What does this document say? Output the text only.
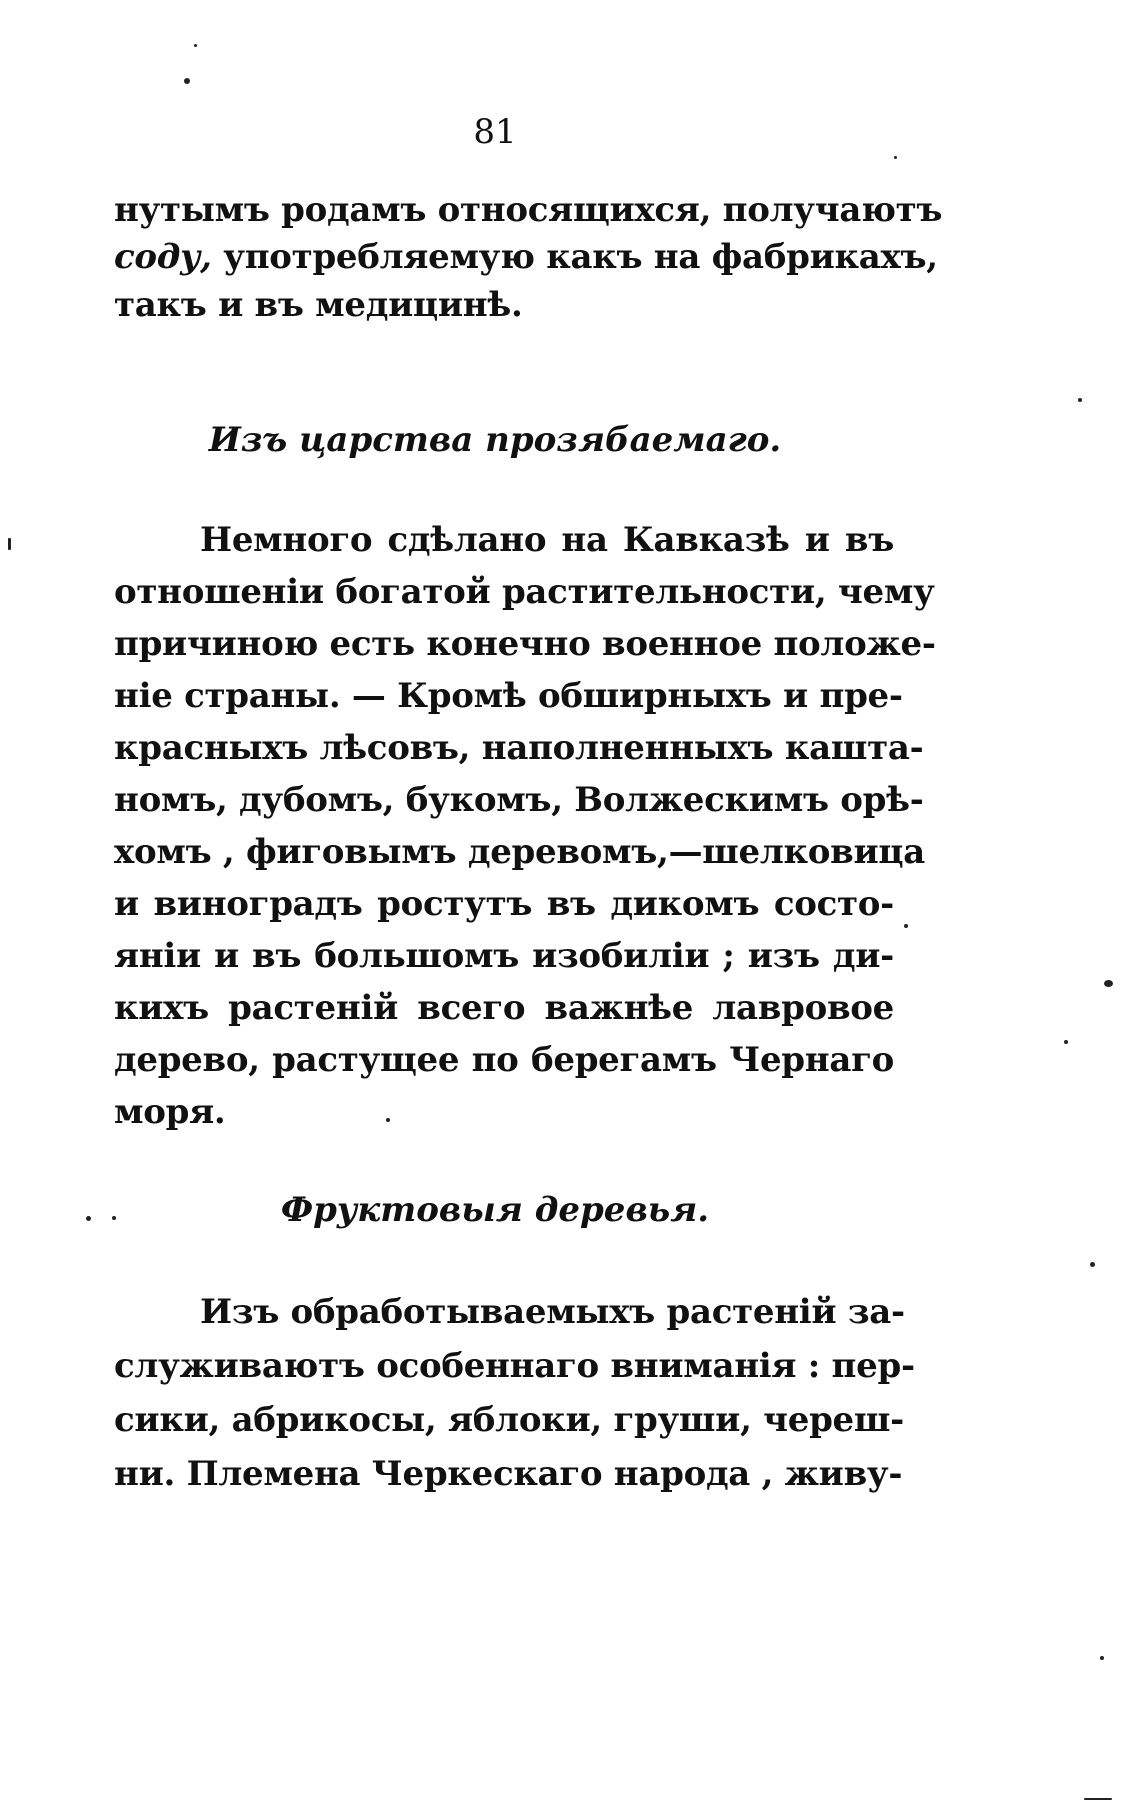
81
нутымъ родамъ относящихся, получаютъ
соду, употребляемую какъ на фабрикахъ,
такъ и въ медицинѣ.
Изъ царства прозябаемаго.
Немного сдѣлано на Кавказѣ и въ
отношенiи богатой растительности, чему
причиною есть конечно военное положе-
нiе страны. — Кромѣ обширныхъ и пре-
красныхъ лѣсовъ, наполненныхъ кашта-
номъ, дубомъ, букомъ, Волжескимъ орѣ-
хомъ , фиговымъ деревомъ,—шелковица
и виноградъ ростутъ въ дикомъ состо-
янiи и въ большомъ изобилiи ; изъ ди-
кихъ растенiй всего важнѣе лавровое
дерево, растущее по берегамъ Чернаго
моря.
Фруктовыя деревья.
Изъ обработываемыхъ растенiй за-
служиваютъ особеннаго вниманiя : пер-
сики, абрикосы, яблоки, груши, череш-
ни. Племена Черкескаго народа , живу-
